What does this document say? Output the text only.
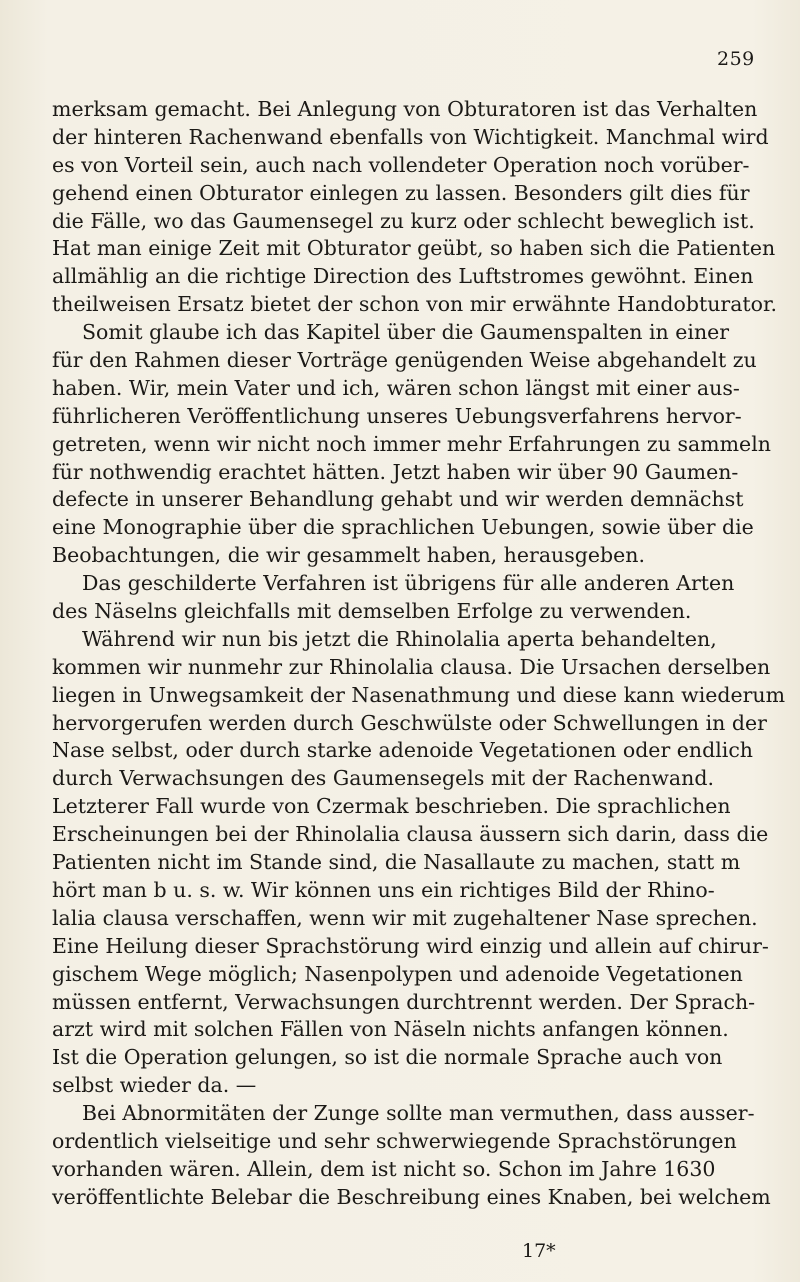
259
merksam gemacht. Bei Anlegung von Obturatoren ist das Verhalten
der hinteren Rachenwand ebenfalls von Wichtigkeit. Manchmal wird
es von Vorteil sein, auch nach vollendeter Operation noch vorüber-
gehend einen Obturator einlegen zu lassen. Besonders gilt dies für
die Fälle, wo das Gaumensegel zu kurz oder schlecht beweglich ist.
Hat man einige Zeit mit Obturator geübt, so haben sich die Patienten
allmählig an die richtige Direction des Luftstromes gewöhnt. Einen
theilweisen Ersatz bietet der schon von mir erwähnte Handobturator.
Somit glaube ich das Kapitel über die Gaumenspalten in einer
für den Rahmen dieser Vorträge genügenden Weise abgehandelt zu
haben. Wir, mein Vater und ich, wären schon längst mit einer aus-
führlicheren Veröffentlichung unseres Uebungsverfahrens hervor-
getreten, wenn wir nicht noch immer mehr Erfahrungen zu sammeln
für nothwendig erachtet hätten. Jetzt haben wir über 90 Gaumen-
defecte in unserer Behandlung gehabt und wir werden demnächst
eine Monographie über die sprachlichen Uebungen, sowie über die
Beobachtungen, die wir gesammelt haben, herausgeben.
Das geschilderte Verfahren ist übrigens für alle anderen Arten
des Näselns gleichfalls mit demselben Erfolge zu verwenden.
Während wir nun bis jetzt die Rhinolalia aperta behandelten,
kommen wir nunmehr zur Rhinolalia clausa. Die Ursachen derselben
liegen in Unwegsamkeit der Nasenathmung und diese kann wiederum
hervorgerufen werden durch Geschwülste oder Schwellungen in der
Nase selbst, oder durch starke adenoide Vegetationen oder endlich
durch Verwachsungen des Gaumensegels mit der Rachenwand.
Letzterer Fall wurde von Czermak beschrieben. Die sprachlichen
Erscheinungen bei der Rhinolalia clausa äussern sich darin, dass die
Patienten nicht im Stande sind, die Nasallaute zu machen, statt m
hört man b u. s. w. Wir können uns ein richtiges Bild der Rhino-
lalia clausa verschaffen, wenn wir mit zugehaltener Nase sprechen.
Eine Heilung dieser Sprachstörung wird einzig und allein auf chirur-
gischem Wege möglich; Nasenpolypen und adenoide Vegetationen
müssen entfernt, Verwachsungen durchtrennt werden. Der Sprach-
arzt wird mit solchen Fällen von Näseln nichts anfangen können.
Ist die Operation gelungen, so ist die normale Sprache auch von
selbst wieder da. —
Bei Abnormitäten der Zunge sollte man vermuthen, dass ausser-
ordentlich vielseitige und sehr schwerwiegende Sprachstörungen
vorhanden wären. Allein, dem ist nicht so. Schon im Jahre 1630
veröffentlichte Belebar die Beschreibung eines Knaben, bei welchem
17*
